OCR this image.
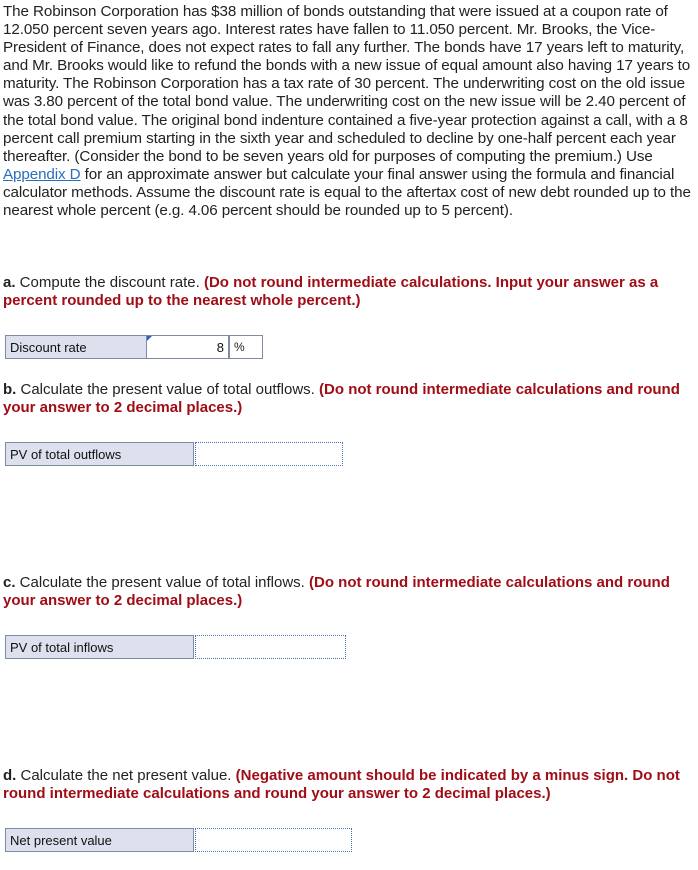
The Robinson Corporation has $38 million of bonds outstanding that were issued at a coupon rate of 12.050 percent seven years ago. Interest rates have fallen to 11.050 percent. Mr. Brooks, the Vice-President of Finance, does not expect rates to fall any further. The bonds have 17 years left to maturity, and Mr. Brooks would like to refund the bonds with a new issue of equal amount also having 17 years to maturity. The Robinson Corporation has a tax rate of 30 percent. The underwriting cost on the old issue was 3.80 percent of the total bond value. The underwriting cost on the new issue will be 2.40 percent of the total bond value. The original bond indenture contained a five-year protection against a call, with a 8 percent call premium starting in the sixth year and scheduled to decline by one-half percent each year thereafter. (Consider the bond to be seven years old for purposes of computing the premium.) Use Appendix D for an approximate answer but calculate your final answer using the formula and financial calculator methods. Assume the discount rate is equal to the aftertax cost of new debt rounded up to the nearest whole percent (e.g. 4.06 percent should be rounded up to 5 percent).

a. Compute the discount rate. (Do not round intermediate calculations. Input your answer as a percent rounded up to the nearest whole percent.)

Discount rate	8 %

b. Calculate the present value of total outflows. (Do not round intermediate calculations and round your answer to 2 decimal places.)

PV of total outflows

c. Calculate the present value of total inflows. (Do not round intermediate calculations and round your answer to 2 decimal places.)

PV of total inflows

d. Calculate the net present value. (Negative amount should be indicated by a minus sign. Do not round intermediate calculations and round your answer to 2 decimal places.)

Net present value
